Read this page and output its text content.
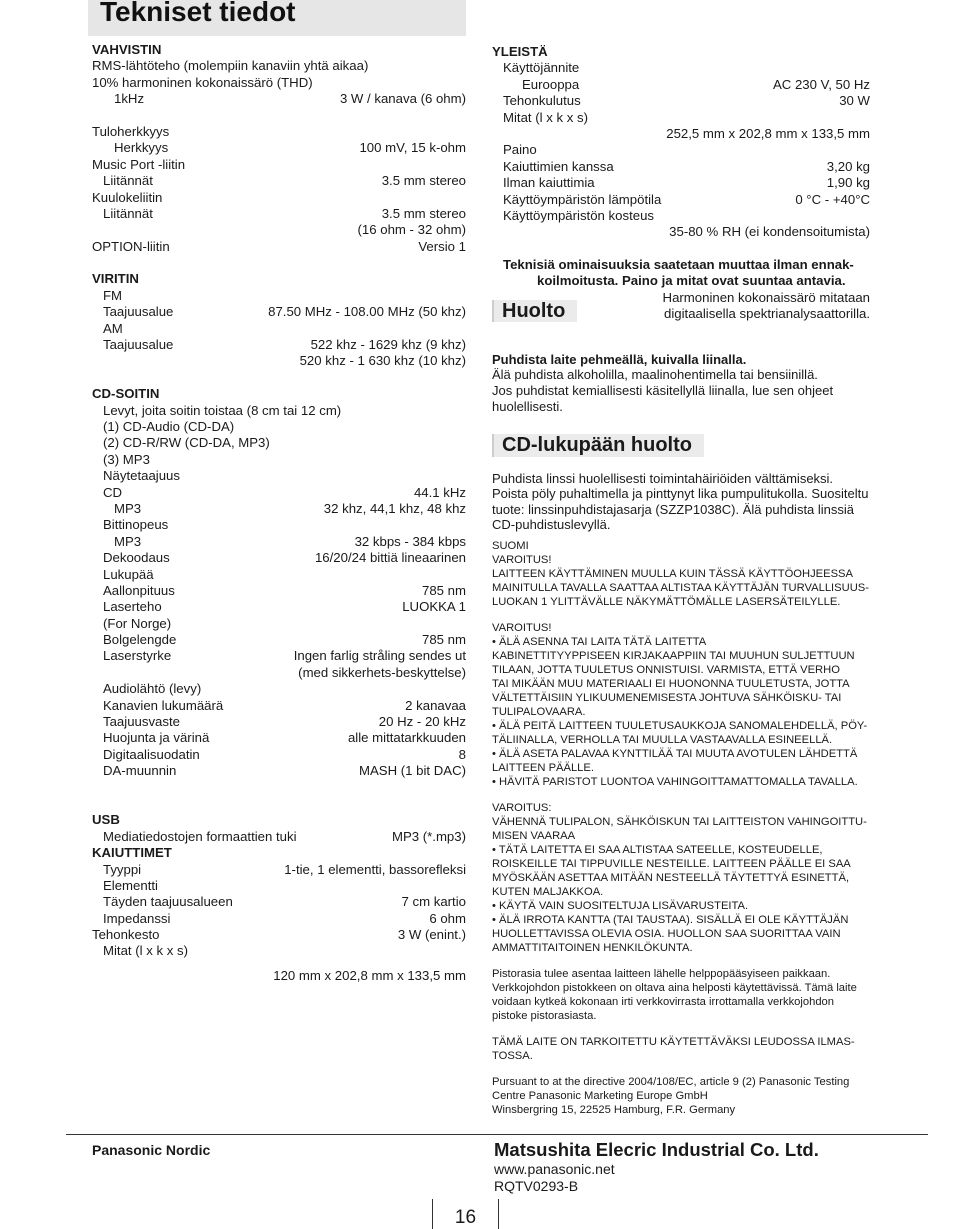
Tekniset tiedot
VAHVISTIN
RMS-lähtöteho (molempiin kanaviin yhtä aikaa)
10% harmoninen kokonaissärö (THD)
1kHz	3 W / kanava (6 ohm)
Tuloherkkyys
Herkkyys	100 mV, 15 k-ohm
Music Port -liitin
Liitännät	3.5 mm stereo
Kuulokeliitin
Liitännät	3.5 mm stereo
(16 ohm - 32 ohm)
OPTION-liitin	Versio 1
VIRITIN
FM
Taajuusalue	87.50 MHz - 108.00 MHz (50 khz)
AM
Taajuusalue	522 khz - 1629 khz (9 khz)
520 khz - 1 630 khz (10 khz)
CD-SOITIN
Levyt, joita soitin toistaa (8 cm tai 12 cm)
(1) CD-Audio (CD-DA)
(2) CD-R/RW (CD-DA, MP3)
(3) MP3
Näytetaajuus
CD	44.1 kHz
MP3	32 khz, 44,1 khz, 48 khz
Bittinopeus
MP3	32 kbps - 384 kbps
Dekoodaus	16/20/24 bittiä lineaarinen
Lukupää
Aallonpituus	785 nm
Laserteho	LUOKKA 1
(For Norge)
Bolgelengde	785 nm
Laserstyrke	Ingen farlig stråling sendes ut
(med sikkerhets-beskyttelse)
Audiolähtö (levy)
Kanavien lukumäärä	2 kanavaa
Taajuusvaste	20 Hz - 20 kHz
Huojunta ja värinä	alle mittatarkkuuden
Digitaalisuodatin	8
DA-muunnin	MASH (1 bit DAC)
USB
Mediatiedostojen formaattien tuki	MP3 (*.mp3)
KAIUTTIMET
Tyyppi	1-tie, 1 elementti, bassorefleksi
Elementti
Täyden taajuusalueen	7 cm kartio
Impedanssi	6 ohm
Tehonkesto	3 W (enint.)
Mitat (l x k x s)
120 mm x 202,8 mm x 133,5 mm
YLEISTÄ
Käyttöjännite
Eurooppa	AC 230 V, 50 Hz
Tehonkulutus	30 W
Mitat (l x k x s)
252,5 mm x 202,8 mm x 133,5 mm
Paino
Kaiuttimien kanssa	3,20 kg
Ilman kaiuttimia	1,90 kg
Käyttöympäristön lämpötila	0 °C - +40°C
Käyttöympäristön kosteus
35-80 % RH (ei kondensoitumista)
Teknisiä ominaisuuksia saatetaan muuttaa ilman ennak-
koilmoitusta. Paino ja mitat ovat suuntaa antavia.
Huolto
Harmoninen kokonaissärö mitataan
digitaalisella spektrianalysaattorilla.
Puhdista laite pehmeällä, kuivalla liinalla.
Älä puhdista alkoholilla, maalinohentimella tai bensiinillä.
Jos puhdistat kemiallisesti käsitellyllä liinalla, lue sen ohjeet
huolellisesti.
CD-lukupään huolto
Puhdista linssi huolellisesti toimintahäiriöiden välttämiseksi.
Poista pöly puhaltimella ja pinttynyt lika pumpulitukolla. Suositeltu
tuote: linssinpuhdistajasarja (SZZP1038C). Älä puhdista linssiä
CD-puhdistuslevyllä.
SUOMI
VAROITUS!
LAITTEEN KÄYTTÄMINEN MUULLA KUIN TÄSSÄ KÄYTTÖOHJEESSA
MAINITULLA TAVALLA SAATTAA ALTISTAA KÄYTTÄJÄN TURVALLISUUS-
LUOKAN 1 YLITTÄVÄLLE NÄKYMÄTTÖMÄLLE LASERSÄTEILYLLE.
VAROITUS!
• ÄLÄ ASENNA TAI LAITA TÄTÄ LAITETTA
KABINETTITYYPPISEEN KIRJAKAAPPIIN TAI MUUHUN SULJETTUUN
TILAAN, JOTTA TUULETUS ONNISTUISI. VARMISTA, ETTÄ VERHO
TAI MIKÄÄN MUU MATERIAALI EI HUONONNA TUULETUSTA, JOTTA
VÄLTETTÄISIIN YLIKUUMENEMISESTA JOHTUVA SÄHKÖISKU- TAI
TULIPALOVAARA.
• ÄLÄ PEITÄ LAITTEEN TUULETUSAUKKOJA SANOMALEHDELLÄ, PÖY-
TÄLIINALLA, VERHOLLA TAI MUULLA VASTAAVALLA ESINEELLÄ.
• ÄLÄ ASETA PALAVAA KYNTTILÄÄ TAI MUUTA AVOTULEN LÄHDETTÄ
LAITTEEN PÄÄLLE.
• HÄVITÄ PARISTOT LUONTOA VAHINGOITTAMATTOMALLA TAVALLA.
VAROITUS:
VÄHENNÄ TULIPALON, SÄHKÖISKUN TAI LAITTEISTON VAHINGOITTU-
MISEN VAARAA
• TÄTÄ LAITETTA EI SAA ALTISTAA SATEELLE, KOSTEUDELLE,
ROISKEILLE TAI TIPPUVILLE NESTEILLE. LAITTEEN PÄÄLLE EI SAA
MYÖSKÄÄN ASETTAA MITÄÄN NESTEELLÄ TÄYTETTYÄ ESINETTÄ,
KUTEN MALJAKKOA.
• KÄYTÄ VAIN SUOSITELTUJA LISÄVARUSTEITA.
• ÄLÄ IRROTA KANTTA (TAI TAUSTAA). SISÄLLÄ EI OLE KÄYTTÄJÄN
HUOLLETTAVISSA OLEVIA OSIA. HUOLLON SAA SUORITTAA VAIN
AMMATTITAITOINEN HENKILÖKUNTA.
Pistorasia tulee asentaa laitteen lähelle helppopääsyiseen paikkaan.
Verkkojohdon pistokkeen on oltava aina helposti käytettävissä. Tämä laite
voidaan kytkeä kokonaan irti verkkovirrasta irrottamalla verkkojohdon
pistoke pistorasiasta.
TÄMÄ LAITE ON TARKOITETTU KÄYTETTÄVÄKSI LEUDOSSA ILMAS-
TOSSA.
Pursuant to at the directive 2004/108/EC, article 9 (2) Panasonic Testing
Centre Panasonic Marketing Europe GmbH
Winsbergring 15, 22525 Hamburg, F.R. Germany
Panasonic Nordic	Matsushita Elecric Industrial Co. Ltd.
www.panasonic.net
RQTV0293-B
16
